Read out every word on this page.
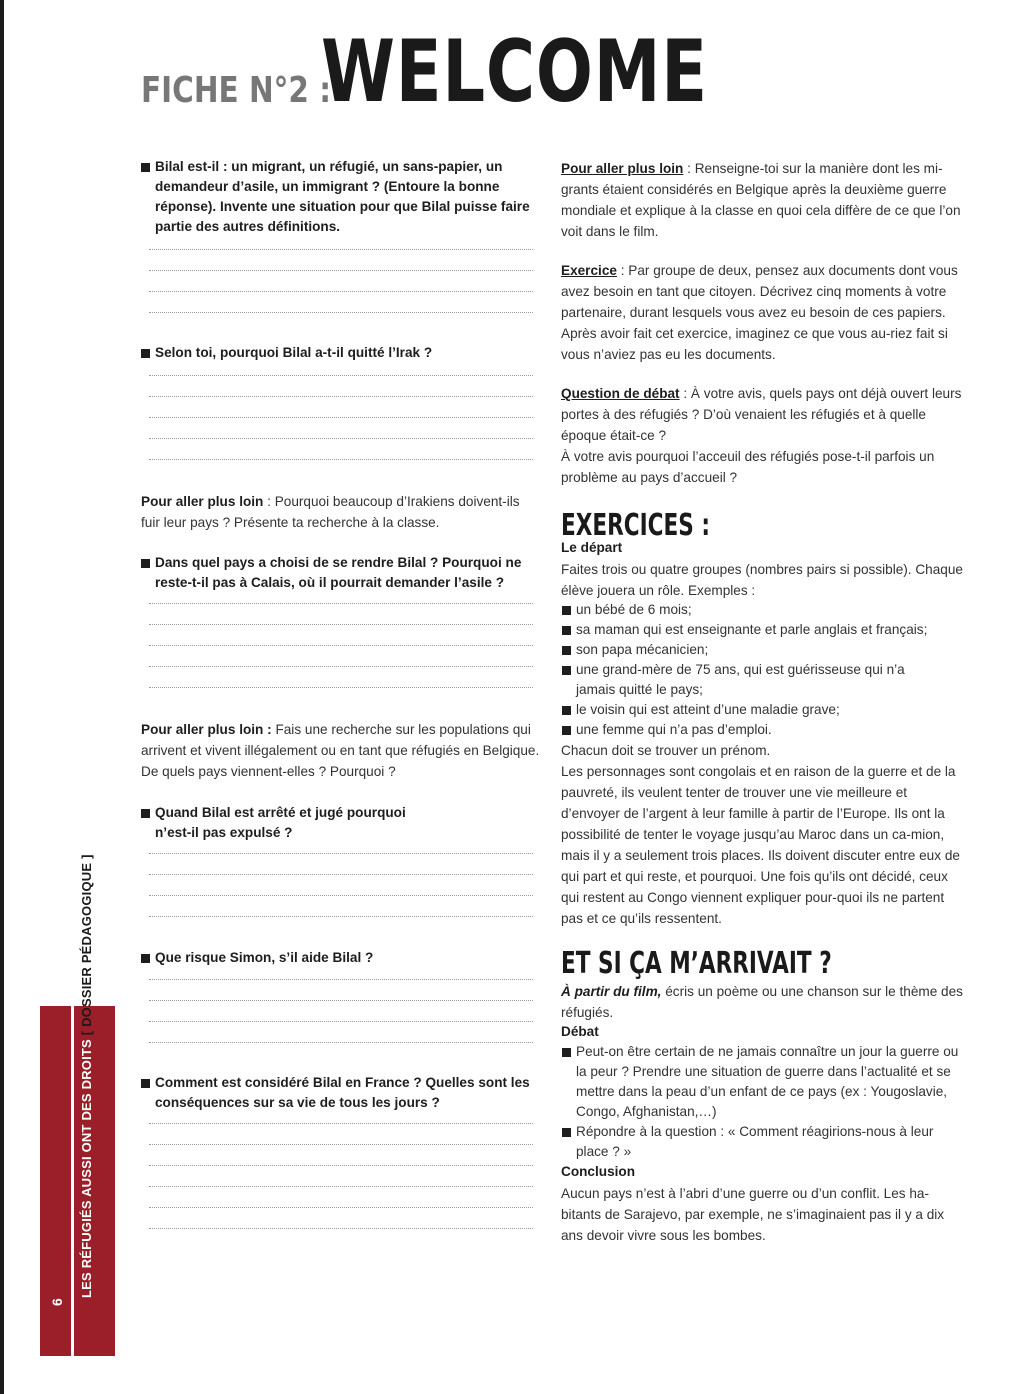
FICHE N°2 :
WELCOME
Bilal est-il : un migrant, un réfugié, un sans-papier, un demandeur d’asile, un immigrant ? (Entoure la bonne réponse). Invente une situation pour que Bilal puisse faire partie des autres définitions.
Selon toi, pourquoi Bilal a-t-il quitté l’Irak ?
Pour aller plus loin : Pourquoi beaucoup d’Irakiens doivent-ils fuir leur pays ? Présente ta recherche à la classe.
Dans quel pays a choisi de se rendre Bilal ? Pourquoi ne reste-t-il pas à Calais, où il pourrait demander l’asile ?
Pour aller plus loin : Fais une recherche sur les populations qui arrivent et vivent illégalement ou en tant que réfugiés en Belgique. De quels pays viennent-elles ? Pourquoi ?
Quand Bilal est arrêté et jugé pourquoi n’est-il pas expulsé ?
Que risque Simon, s’il aide Bilal ?
Comment est considéré Bilal en France ? Quelles sont les conséquences sur sa vie de tous les jours ?
Pour aller plus loin : Renseigne-toi sur la manière dont les mi-grants étaient considérés en Belgique après la deuxième guerre mondiale et explique à la classe en quoi cela diffère de ce que l’on voit dans le film.
Exercice : Par groupe de deux, pensez aux documents dont vous avez besoin en tant que citoyen. Décrivez cinq moments à votre partenaire, durant lesquels vous avez eu besoin de ces papiers. Après avoir fait cet exercice, imaginez ce que vous au-riez fait si vous n’aviez pas eu les documents.
Question de débat : À votre avis, quels pays ont déjà ouvert leurs portes à des réfugiés ? D’où venaient les réfugiés et à quelle époque était-ce ?
À votre avis pourquoi l’acceuil des réfugiés pose-t-il parfois un problème au pays d’accueil ?
EXERCICES :
Le départ
Faites trois ou quatre groupes (nombres pairs si possible). Chaque élève jouera un rôle. Exemples :
un bébé de 6 mois;
sa maman qui est enseignante et parle anglais et français;
son papa mécanicien;
une grand-mère de 75 ans, qui est guérisseuse qui n’a jamais quitté le pays;
le voisin qui est atteint d’une maladie grave;
une femme qui n’a pas d’emploi.
Chacun doit se trouver un prénom.
Les personnages sont congolais et en raison de la guerre et de la pauvreté, ils veulent tenter de trouver une vie meilleure et d’envoyer de l’argent à leur famille à partir de l’Europe. Ils ont la possibilité de tenter le voyage jusqu’au Maroc dans un ca-mion, mais il y a seulement trois places. Ils doivent discuter entre eux de qui part et qui reste, et pourquoi. Une fois qu’ils ont décidé, ceux qui restent au Congo viennent expliquer pour-quoi ils ne partent pas et ce qu’ils ressentent.
ET SI ÇA M’ARRIVAIT ?
À partir du film, écris un poème ou une chanson sur le thème des réfugiés.
Débat
Peut-on être certain de ne jamais connaître un jour la guerre ou la peur ? Prendre une situation de guerre dans l’actualité et se mettre dans la peau d’un enfant de ce pays (ex : Yougoslavie, Congo, Afghanistan,…)
Répondre à la question : « Comment réagirions-nous à leur place ? »
Conclusion
Aucun pays n’est à l’abri d’une guerre ou d’un conflit. Les ha-bitants de Sarajevo, par exemple, ne s’imaginaient pas il y a dix ans devoir vivre sous les bombes.
LES RÉFUGIÉS AUSSI ONT DES DROITS [ DOSSIER PÉDAGOGIQUE ]
6
